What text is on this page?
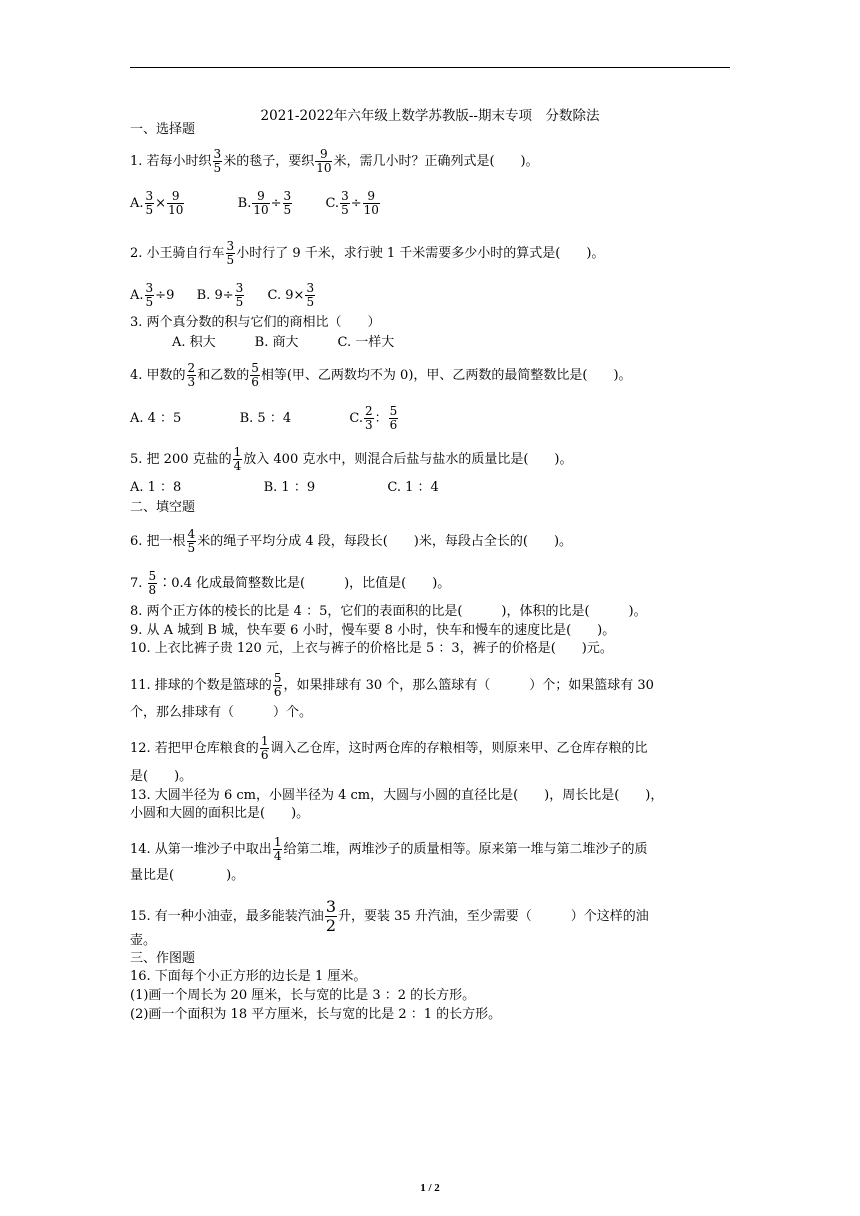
2021-2022年六年级上数学苏教版--期末专项　分数除法
一、选择题
1. 若每小时织 $\frac{3}{5}$ 米的毯子，要织 $\frac{9}{10}$ 米，需几小时？正确列式是(　　)。
A. $\frac{3}{5} \times \frac{9}{10}$	B. $\frac{9}{10} \div \frac{3}{5}$	C. $\frac{3}{5} \div \frac{9}{10}$
2. 小王骑自行车 $\frac{3}{5}$ 小时行了 9 千米，求行驶 1 千米需要多少小时的算式是(　　)。
A. $\frac{3}{5} \div 9$ B. $9\div \frac{3}{5} C$. $9\times \frac{3}{5}$
3. 两个真分数的积与它们的商相比（　　）
A. 积大　　　B. 商大　　　C. 一样大
4. 甲数的 $\frac{2}{3}$ 和乙数的 $\frac{5}{6}$ 相等(甲、乙两数均不为 0)，甲、乙两数的最简整数比是(　　)。
A. 4 ：5	B. 5 ：4	C. $\frac{2}{3}$ ： $\frac{5}{6}$
5. 把 200 克盐的 $\frac{1}{4}$ 放入 400 克水中，则混合后盐与盐水的质量比是(　　)。
A. 1 ：8	B. 1 ：9	C. 1 ：4
二、填空题
6. 把一根 $\frac{4}{5}$ 米的绳子平均分成 4 段，每段长(　　)米，每段占全长的(　　)。
7. $\frac{5}{8}$ ∶0.4 化成最简整数比是(　　　)，比值是(　　)。
8. 两个正方体的棱长的比是 4 ：5，它们的表面积的比是(　　　)，体积的比是(　　　)。
9. 从 A 城到 B 城，快车要 6 小时，慢车要 8 小时，快车和慢车的速度比是(　　)。
10. 上衣比裤子贵 120 元，上衣与裤子的价格比是 5 ：3，裤子的价格是(　　)元。
11. 排球的个数是篮球的 $\frac{5}{6}$ ，如果排球有 30 个，那么篮球有（　　　）个；如果篮球有 30
个，那么排球有（　　　）个。
12. 若把甲仓库粮食的 $\frac{1}{6}$ 调入乙仓库，这时两仓库的存粮相等，则原来甲、乙仓库存粮的比
是(　　)。
13. 大圆半径为 6 cm，小圆半径为 4 cm，大圆与小圆的直径比是(　　)，周长比是(　　)，
小圆和大圆的面积比是(　　)。
14. 从第一堆沙子中取出 $\frac{1}{4}$ 给第二堆，两堆沙子的质量相等。原来第一堆与第二堆沙子的质
量比是(　　　　)。
15. 有一种小油壶，最多能装汽油 $\frac{3}{2}$ 升，要装 35 升汽油，至少需要（　　　）个这样的油
壶。
三、作图题
16. 下面每个小正方形的边长是 1 厘米。
(1)画一个周长为 20 厘米，长与宽的比是 3 ：2 的长方形。
(2)画一个面积为 18 平方厘米，长与宽的比是 2 ：1 的长方形。
1 / 2
